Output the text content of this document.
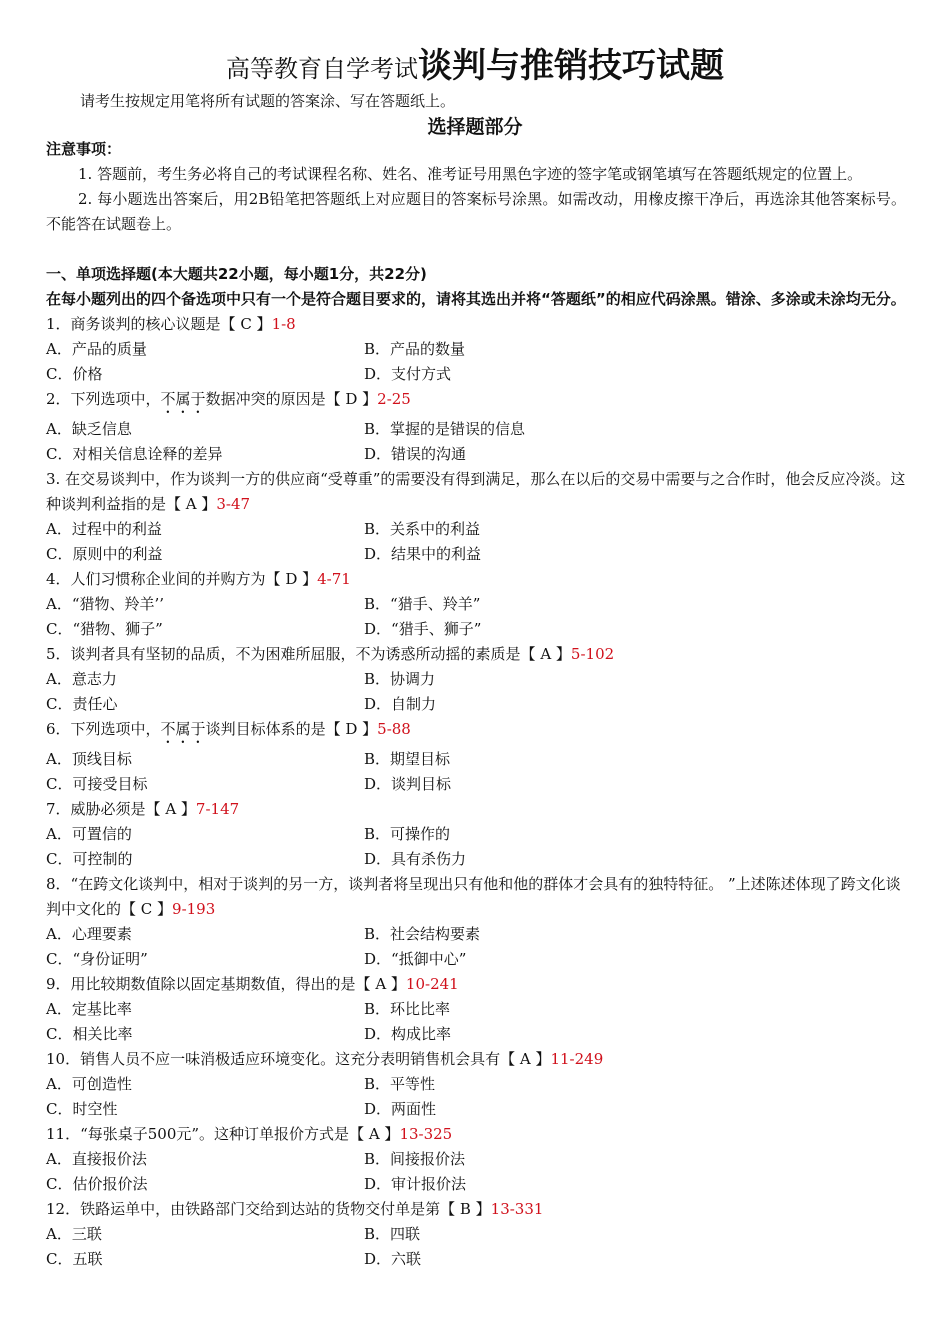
高等教育自学考试谈判与推销技巧试题
请考生按规定用笔将所有试题的答案涂、写在答题纸上。
选择题部分
注意事项：
1. 答题前，考生务必将自己的考试课程名称、姓名、准考证号用黑色字迹的签字笔或钢笔填写在答题纸规定的位置上。
2. 每小题选出答案后，用2B铅笔把答题纸上对应题目的答案标号涂黑。如需改动，用橡皮擦干净后，再选涂其他答案标号。不能答在试题卷上。
一、单项选择题(本大题共22小题，每小题1分，共22分)
在每小题列出的四个备选项中只有一个是符合题目要求的，请将其选出并将“答题纸”的相应代码涂黑。错涂、多涂或未涂均无分。
1．商务谈判的核心议题是【 C 】1-8
A．产品的质量	B．产品的数量
C．价格	D．支付方式
2．下列选项中，不属于数据冲突的原因是【 D 】2-25
A．缺乏信息	B．掌握的是错误的信息
C．对相关信息诠释的差异	D．错误的沟通
3. 在交易谈判中，作为谈判一方的供应商“受尊重”的需要没有得到满足，那么在以后的交易中需要与之合作时，他会反应冷淡。这种谈判利益指的是【 A 】3-47
A．过程中的利益	B．关系中的利益
C．原则中的利益	D．结果中的利益
4．人们习惯称企业间的并购方为【 D 】4-71
A．“猎物、羚羊’’	B．“猎手、羚羊”
C．“猎物、狮子”	D．“猎手、狮子”
5．谈判者具有坚韧的品质，不为困难所屈服，不为诱惑所动摇的素质是【 A 】5-102
A．意志力	B．协调力
C．责任心	D．自制力
6．下列选项中，不属于谈判目标体系的是【 D 】5-88
A．顶线目标	B．期望目标
C．可接受目标	D．谈判目标
7．威胁必须是【 A 】7-147
A．可置信的	B．可操作的
C．可控制的	D．具有杀伤力
8．“在跨文化谈判中，相对于谈判的另一方，谈判者将呈现出只有他和他的群体才会具有的独特特征。 ”上述陈述体现了跨文化谈判中文化的【 C 】9-193
A．心理要素	B．社会结构要素
C．“身份证明”	D．“抵御中心”
9．用比较期数值除以固定基期数值，得出的是【 A 】10-241
A．定基比率	B．环比比率
C．相关比率	D．构成比率
10．销售人员不应一味消极适应环境变化。这充分表明销售机会具有【 A 】11-249
A．可创造性	B．平等性
C．时空性	D．两面性
11．“每张桌子500元”。这种订单报价方式是【 A 】13-325
A．直接报价法	B．间接报价法
C．估价报价法	D．审计报价法
12．铁路运单中，由铁路部门交给到达站的货物交付单是第【 B 】13-331
A．三联	B．四联
C．五联	D．六联
